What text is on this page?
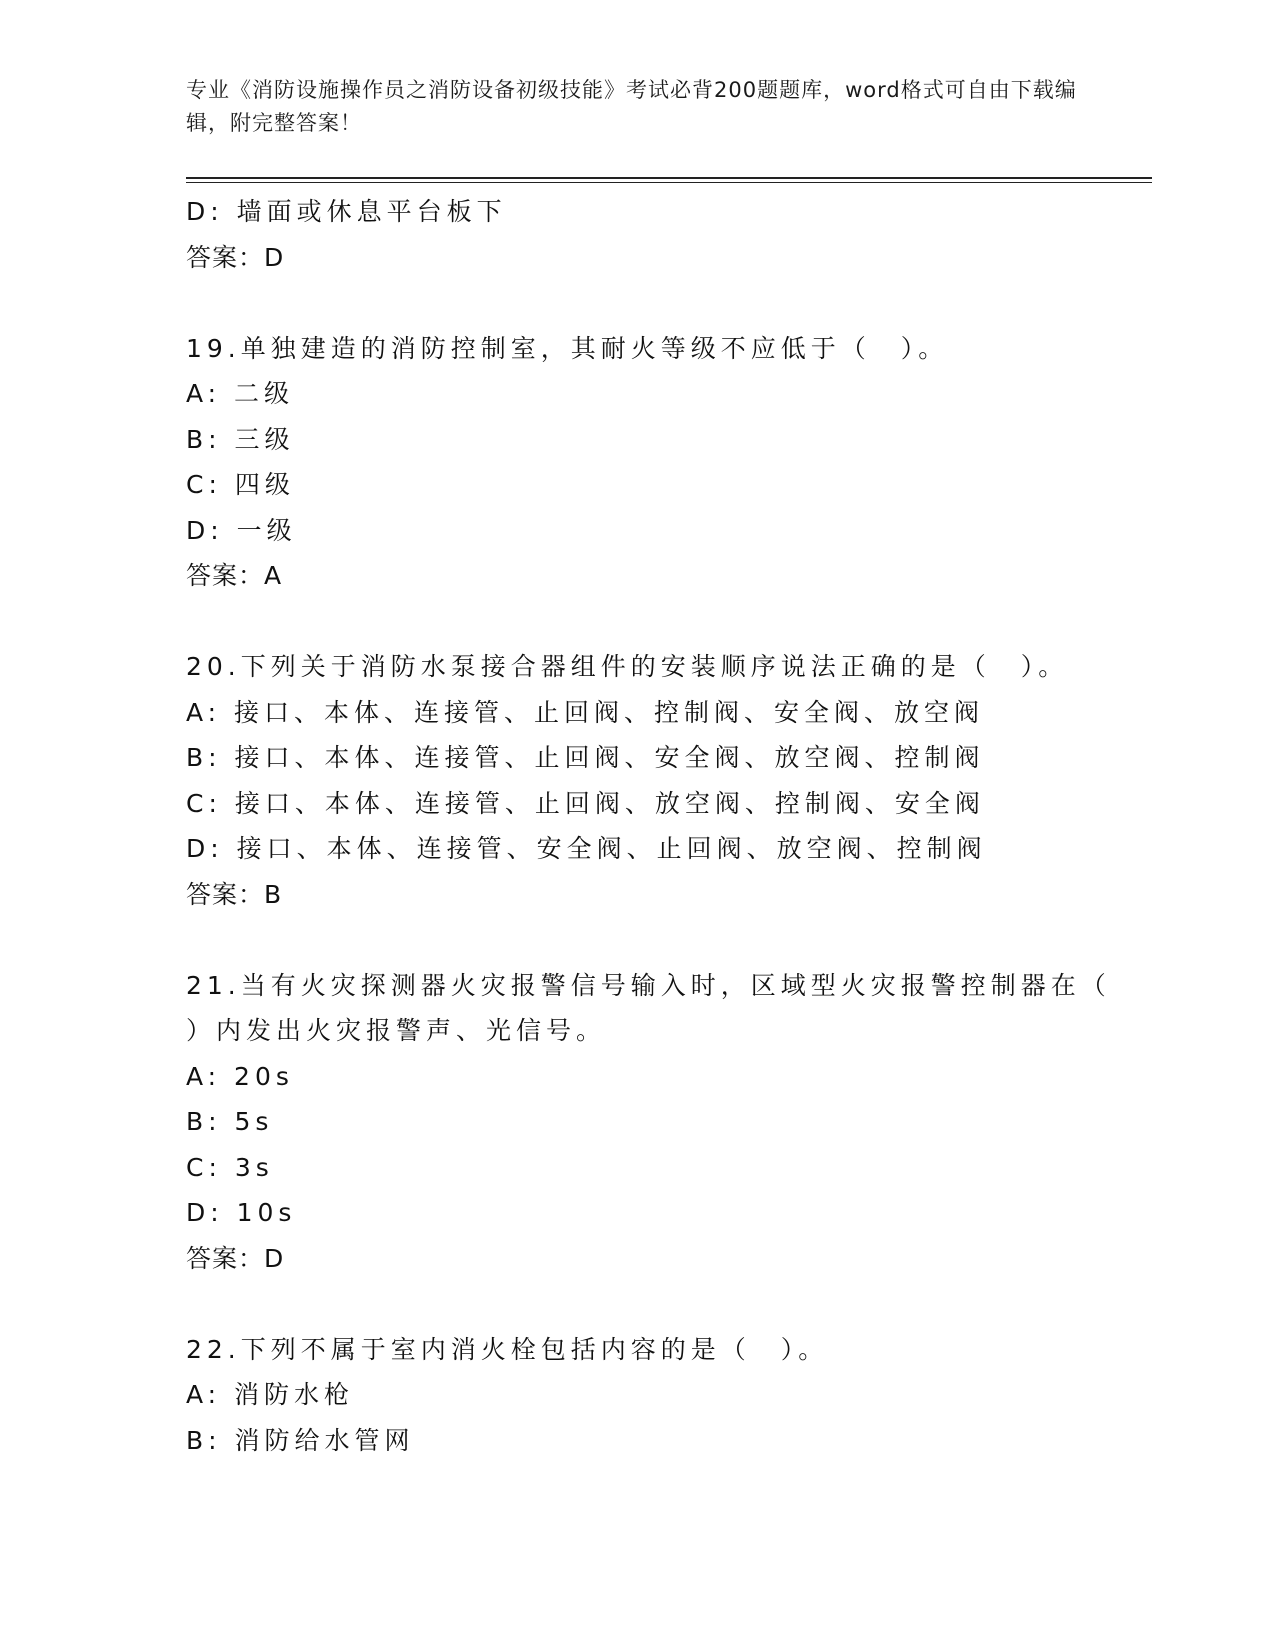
专业《消防设施操作员之消防设备初级技能》考试必背200题题库，word格式可自由下载编辑，附完整答案！
D: 墙面或休息平台板下
答案：D
19.单独建造的消防控制室，其耐火等级不应低于（　）。
A: 二级
B: 三级
C: 四级
D: 一级
答案：A
20.下列关于消防水泵接合器组件的安装顺序说法正确的是（　）。
A: 接口、本体、连接管、止回阀、控制阀、安全阀、放空阀
B: 接口、本体、连接管、止回阀、安全阀、放空阀、控制阀
C: 接口、本体、连接管、止回阀、放空阀、控制阀、安全阀
D: 接口、本体、连接管、安全阀、止回阀、放空阀、控制阀
答案：B
21.当有火灾探测器火灾报警信号输入时，区域型火灾报警控制器在（
）内发出火灾报警声、光信号。
A: 20s
B: 5s
C: 3s
D: 10s
答案：D
22.下列不属于室内消火栓包括内容的是（　）。
A: 消防水枪
B: 消防给水管网
